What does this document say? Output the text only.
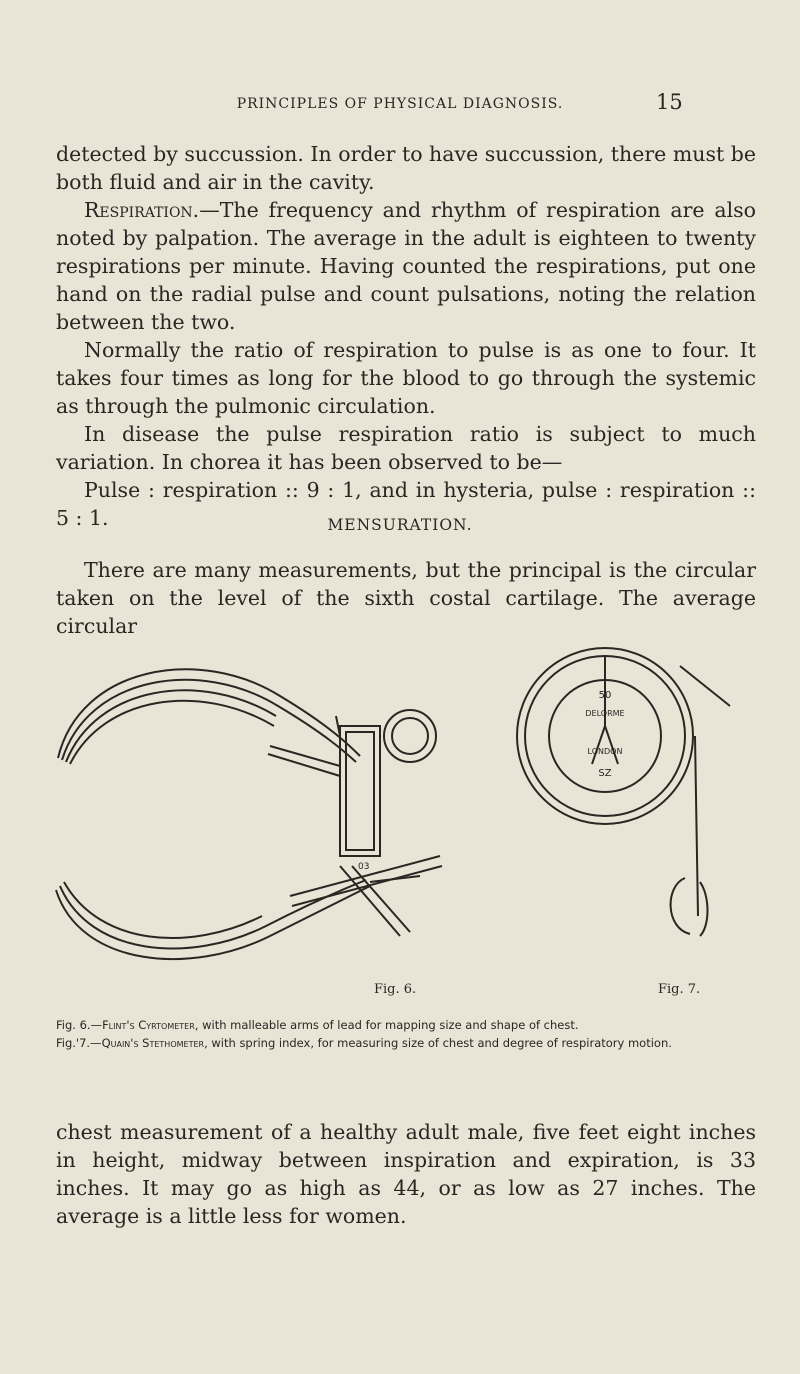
PRINCIPLES OF PHYSICAL DIAGNOSIS.	15
detected by succussion. In order to have succussion, there must be both fluid and air in the cavity.
Respiration.—The frequency and rhythm of respiration are also noted by palpation. The average in the adult is eighteen to twenty respirations per minute. Having counted the respirations, put one hand on the radial pulse and count pulsations, noting the relation between the two.
Normally the ratio of respiration to pulse is as one to four. It takes four times as long for the blood to go through the systemic as through the pulmonic circulation.
In disease the pulse respiration ratio is subject to much variation. In chorea it has been observed to be—
Pulse : respiration :: 9 : 1, and in hysteria, pulse : respiration :: 5 : 1.	MENSURATION.
There are many measurements, but the principal is the circular taken on the level of the sixth costal cartilage. The average circular
03
50
DELORME
LONDON
SZ
Fig. 6.	Fig. 7.

Fig. 6.—Flint's Cyrtometer, with malleable arms of lead for mapping size and shape of chest.

Fig.'7.—Quain's Stethometer, with spring index, for measuring size of chest and degree of respiratory motion.

chest measurement of a healthy adult male, five feet eight inches in height, midway between inspiration and expiration, is 33 inches. It may go as high as 44, or as low as 27 inches. The average is a little less for women.
